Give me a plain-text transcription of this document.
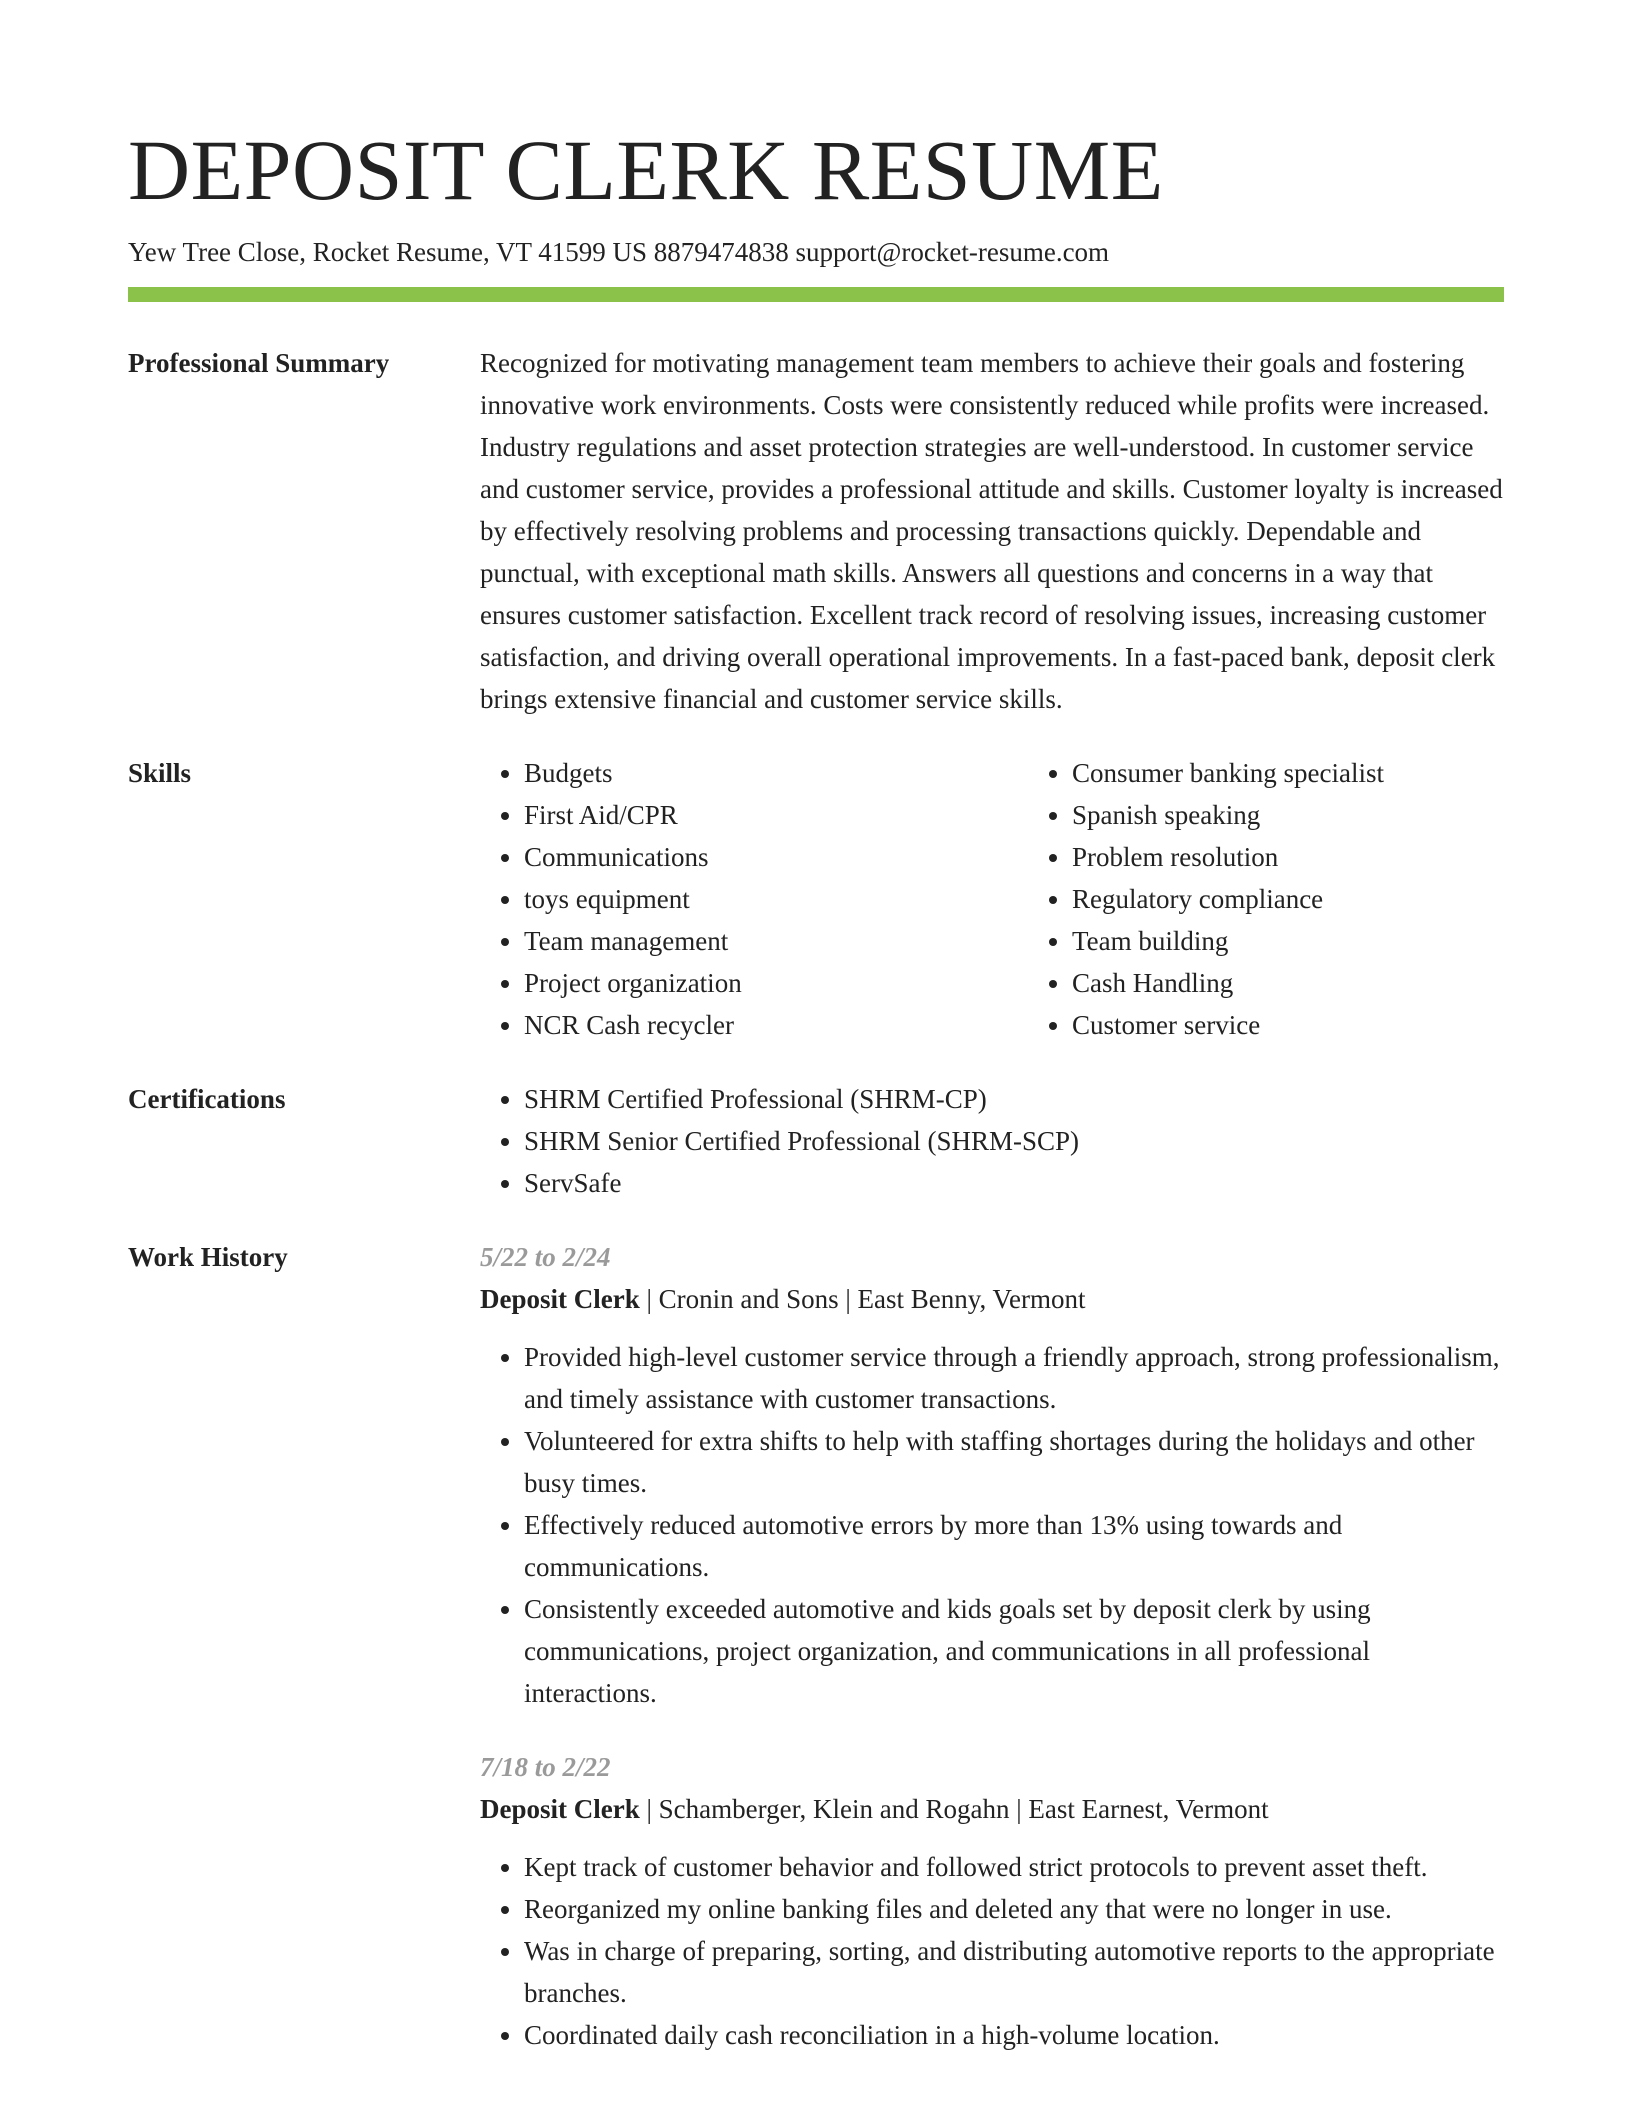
DEPOSIT CLERK RESUME
Yew Tree Close, Rocket Resume, VT 41599 US 8879474838 support@rocket-resume.com
Professional Summary	Recognized for motivating management team members to achieve their goals and fostering innovative work environments. Costs were consistently reduced while profits were increased. Industry regulations and asset protection strategies are well-understood. In customer service and customer service, provides a professional attitude and skills. Customer loyalty is increased by effectively resolving problems and processing transactions quickly. Dependable and punctual, with exceptional math skills. Answers all questions and concerns in a way that ensures customer satisfaction. Excellent track record of resolving issues, increasing customer satisfaction, and driving overall operational improvements. In a fast-paced bank, deposit clerk brings extensive financial and customer service skills.

Skills	• Budgets
• First Aid/CPR
• Communications
• toys equipment
• Team management
• Project organization
• NCR Cash recycler
• Consumer banking specialist
• Spanish speaking
• Problem resolution
• Regulatory compliance
• Team building
• Cash Handling
• Customer service
Certifications	• SHRM Certified Professional (SHRM-CP)
• SHRM Senior Certified Professional (SHRM-SCP)
• ServSafe
Work History	5/22 to 2/24
Deposit Clerk | Cronin and Sons | East Benny, Vermont
• Provided high-level customer service through a friendly approach, strong professionalism, and timely assistance with customer transactions.
• Volunteered for extra shifts to help with staffing shortages during the holidays and other busy times.
• Effectively reduced automotive errors by more than 13% using towards and communications.
• Consistently exceeded automotive and kids goals set by deposit clerk by using communications, project organization, and communications in all professional interactions.
7/18 to 2/22
Deposit Clerk | Schamberger, Klein and Rogahn | East Earnest, Vermont
• Kept track of customer behavior and followed strict protocols to prevent asset theft.
• Reorganized my online banking files and deleted any that were no longer in use.
• Was in charge of preparing, sorting, and distributing automotive reports to the appropriate branches.
• Coordinated daily cash reconciliation in a high-volume location.
